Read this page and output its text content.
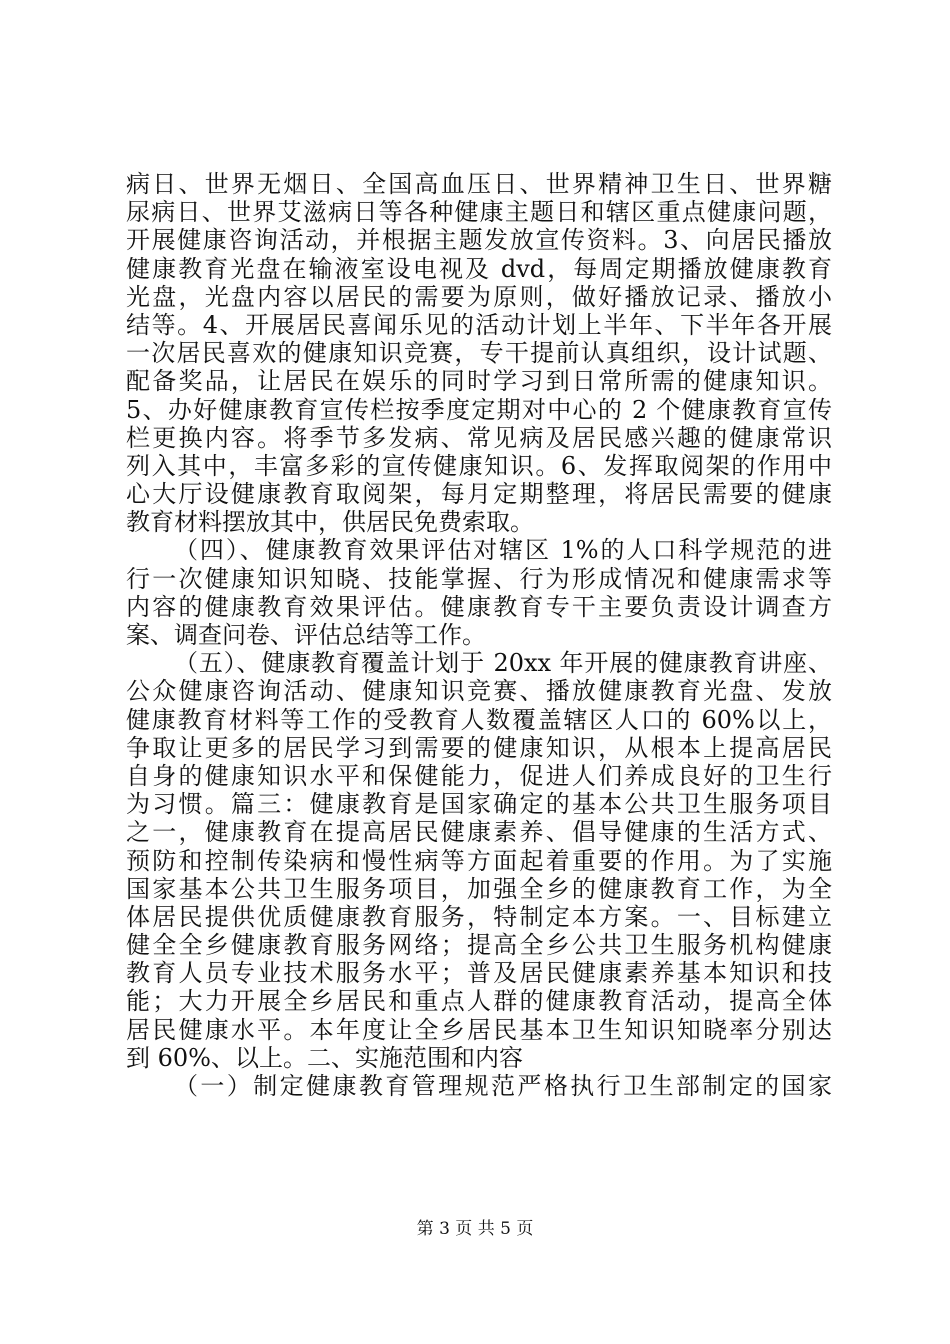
病日、世界无烟日、全国高血压日、世界精神卫生日、世界糖
尿病日、世界艾滋病日等各种健康主题日和辖区重点健康问题，
开展健康咨询活动，并根据主题发放宣传资料。3、向居民播放
健康教育光盘在输液室设电视及 dvd，每周定期播放健康教育
光盘，光盘内容以居民的需要为原则，做好播放记录、播放小
结等。4、开展居民喜闻乐见的活动计划上半年、下半年各开展
一次居民喜欢的健康知识竞赛，专干提前认真组织，设计试题、
配备奖品，让居民在娱乐的同时学习到日常所需的健康知识。
5、办好健康教育宣传栏按季度定期对中心的 2 个健康教育宣传
栏更换内容。将季节多发病、常见病及居民感兴趣的健康常识
列入其中，丰富多彩的宣传健康知识。6、发挥取阅架的作用中
心大厅设健康教育取阅架，每月定期整理，将居民需要的健康
教育材料摆放其中，供居民免费索取。
（四）、健康教育效果评估对辖区 1%的人口科学规范的进
行一次健康知识知晓、技能掌握、行为形成情况和健康需求等
内容的健康教育效果评估。健康教育专干主要负责设计调查方
案、调查问卷、评估总结等工作。
（五）、健康教育覆盖计划于 20xx 年开展的健康教育讲座、
公众健康咨询活动、健康知识竞赛、播放健康教育光盘、发放
健康教育材料等工作的受教育人数覆盖辖区人口的 60%以上，
争取让更多的居民学习到需要的健康知识，从根本上提高居民
自身的健康知识水平和保健能力，促进人们养成良好的卫生行
为习惯。篇三：健康教育是国家确定的基本公共卫生服务项目
之一，健康教育在提高居民健康素养、倡导健康的生活方式、
预防和控制传染病和慢性病等方面起着重要的作用。为了实施
国家基本公共卫生服务项目，加强全乡的健康教育工作，为全
体居民提供优质健康教育服务，特制定本方案。一、目标建立
健全全乡健康教育服务网络；提高全乡公共卫生服务机构健康
教育人员专业技术服务水平；普及居民健康素养基本知识和技
能；大力开展全乡居民和重点人群的健康教育活动，提高全体
居民健康水平。本年度让全乡居民基本卫生知识知晓率分别达
到 60%、以上。二、实施范围和内容
（一）制定健康教育管理规范严格执行卫生部制定的国家
第 3 页 共 5 页
